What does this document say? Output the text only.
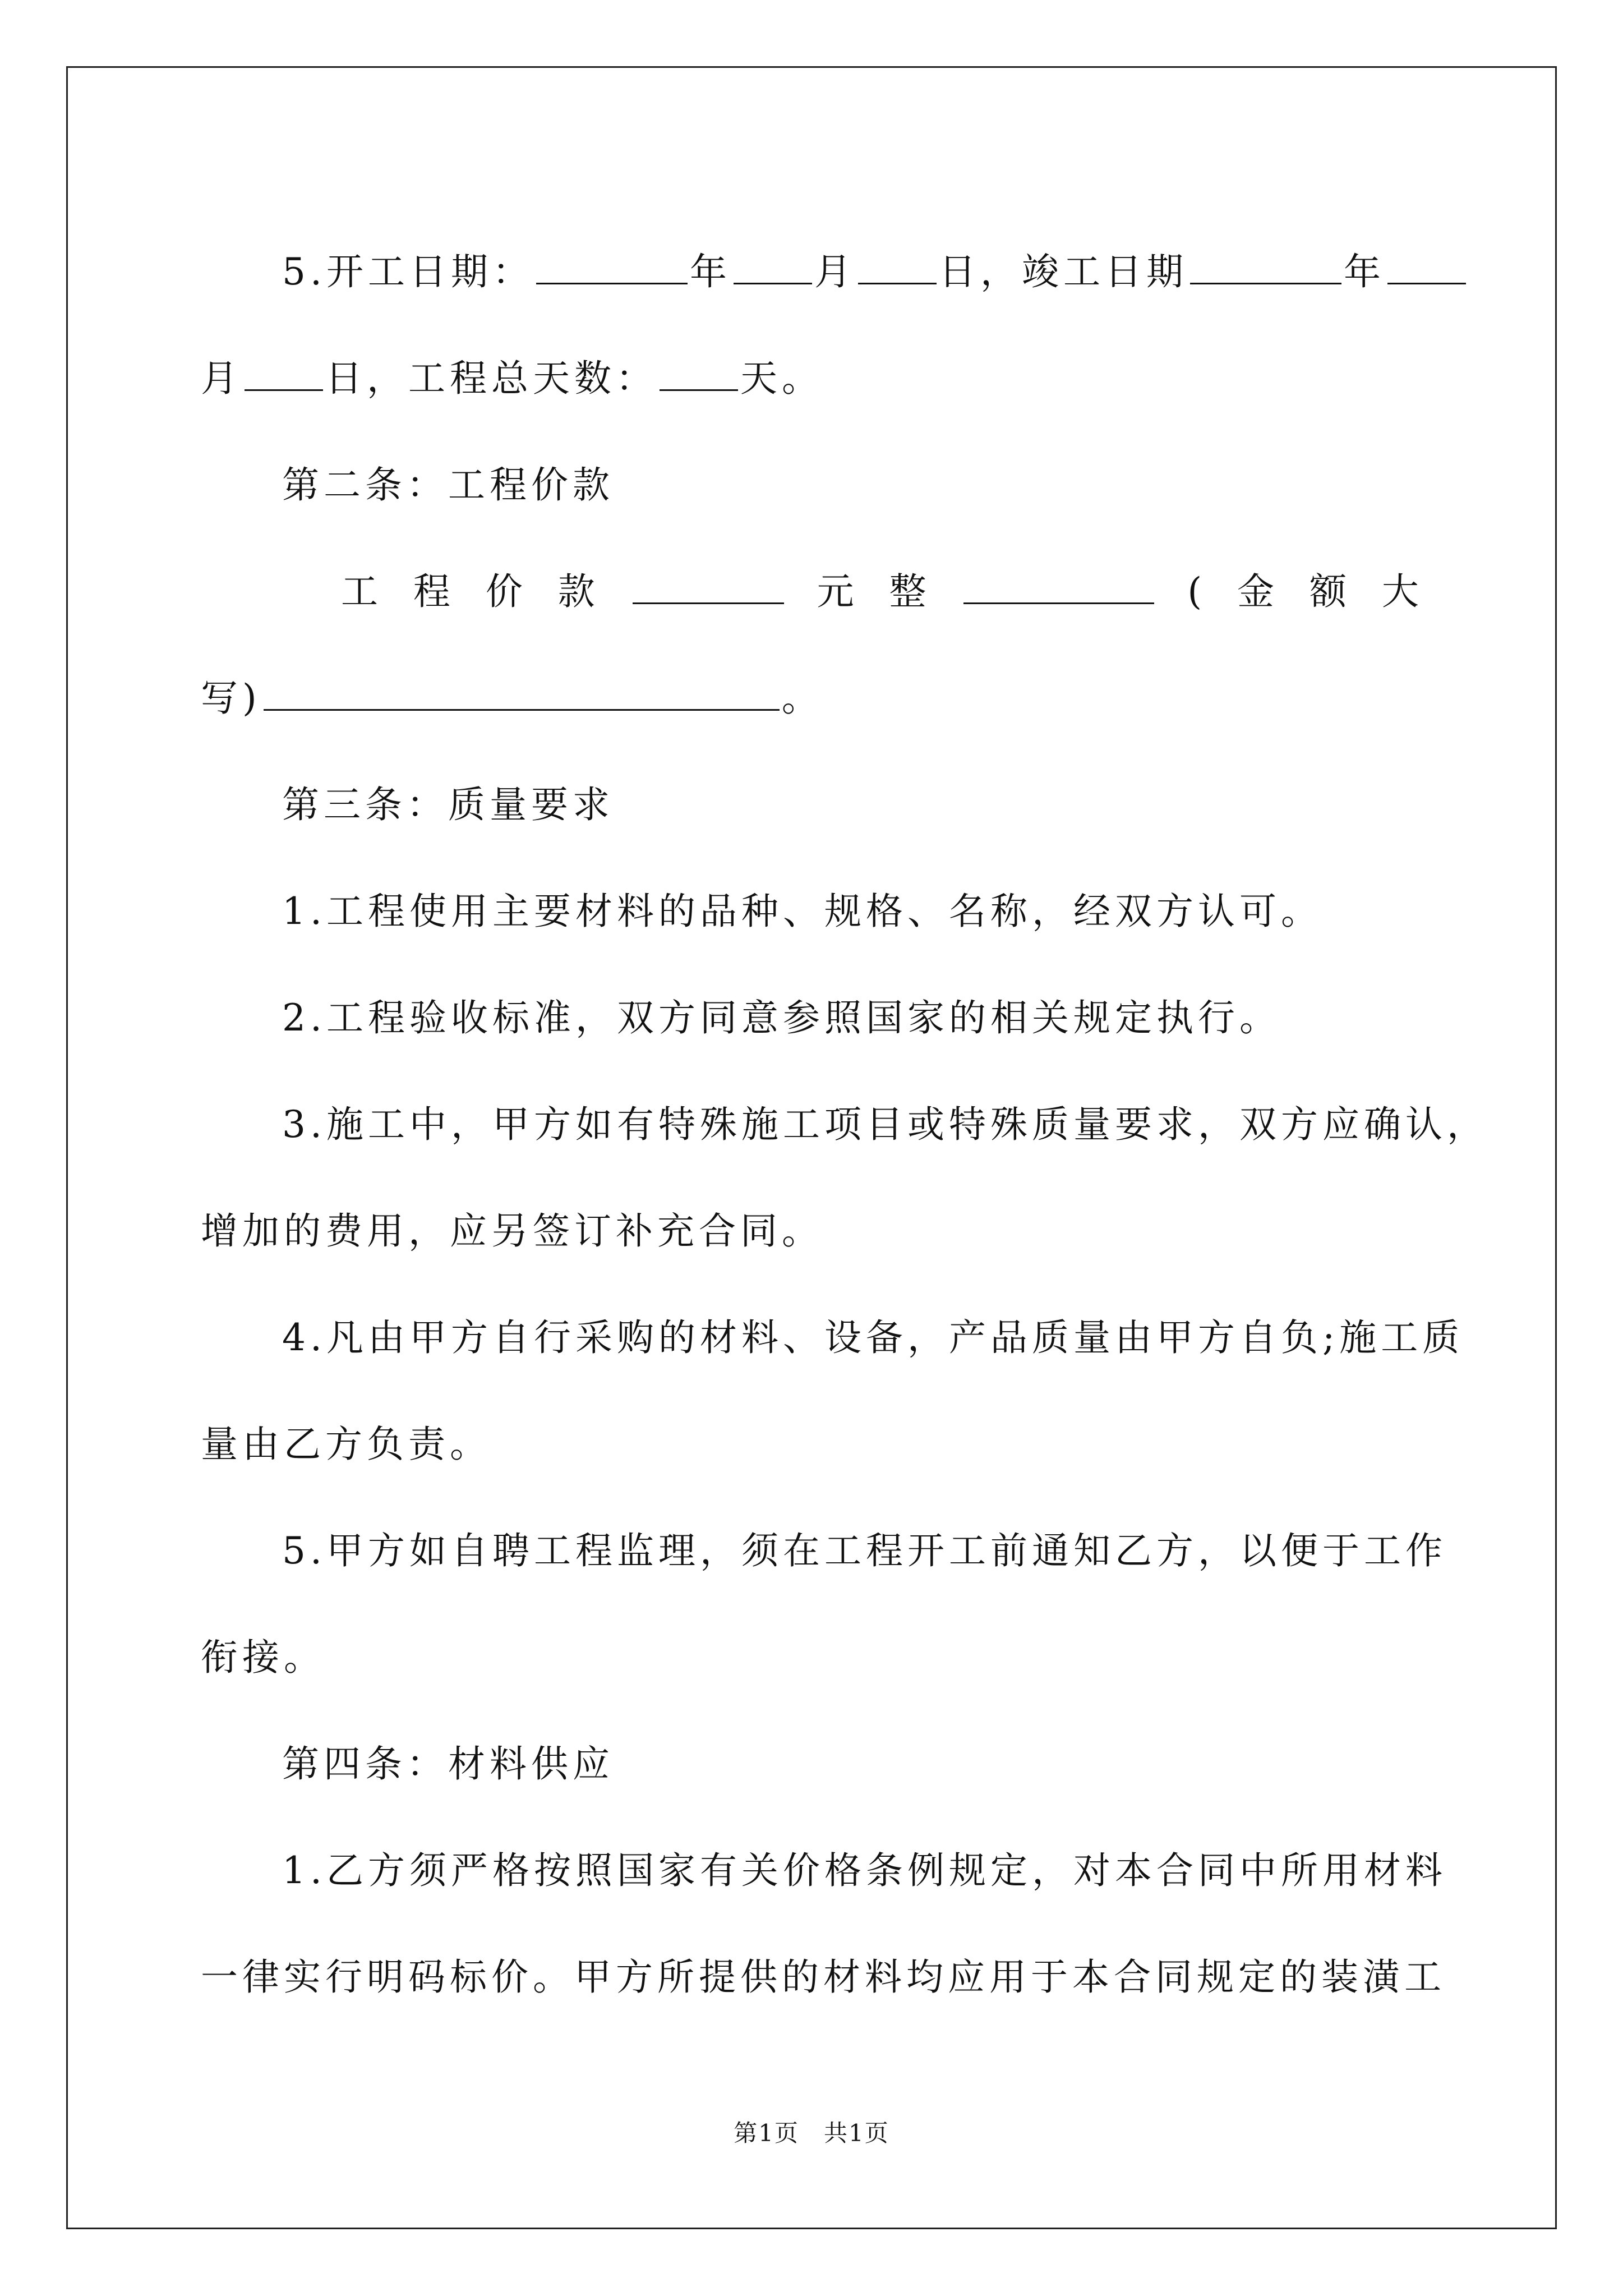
5.开工日期：	年 月 日，竣工日期	年
月 日，工程总天数： 天。
第二条：工程价款
工 程 价 款	元 整	( 金 额 大
写)	。
第三条：质量要求
1.工程使用主要材料的品种、规格、名称，经双方认可。
2.工程验收标准，双方同意参照国家的相关规定执行。
3.施工中，甲方如有特殊施工项目或特殊质量要求，双方应确认，
增加的费用，应另签订补充合同。
4.凡由甲方自行采购的材料、设备，产品质量由甲方自负;施工质
量由乙方负责。
5.甲方如自聘工程监理，须在工程开工前通知乙方，以便于工作
衔接。
第四条：材料供应
1.乙方须严格按照国家有关价格条例规定，对本合同中所用材料
一律实行明码标价。甲方所提供的材料均应用于本合同规定的装潢工
第1页　共1页
